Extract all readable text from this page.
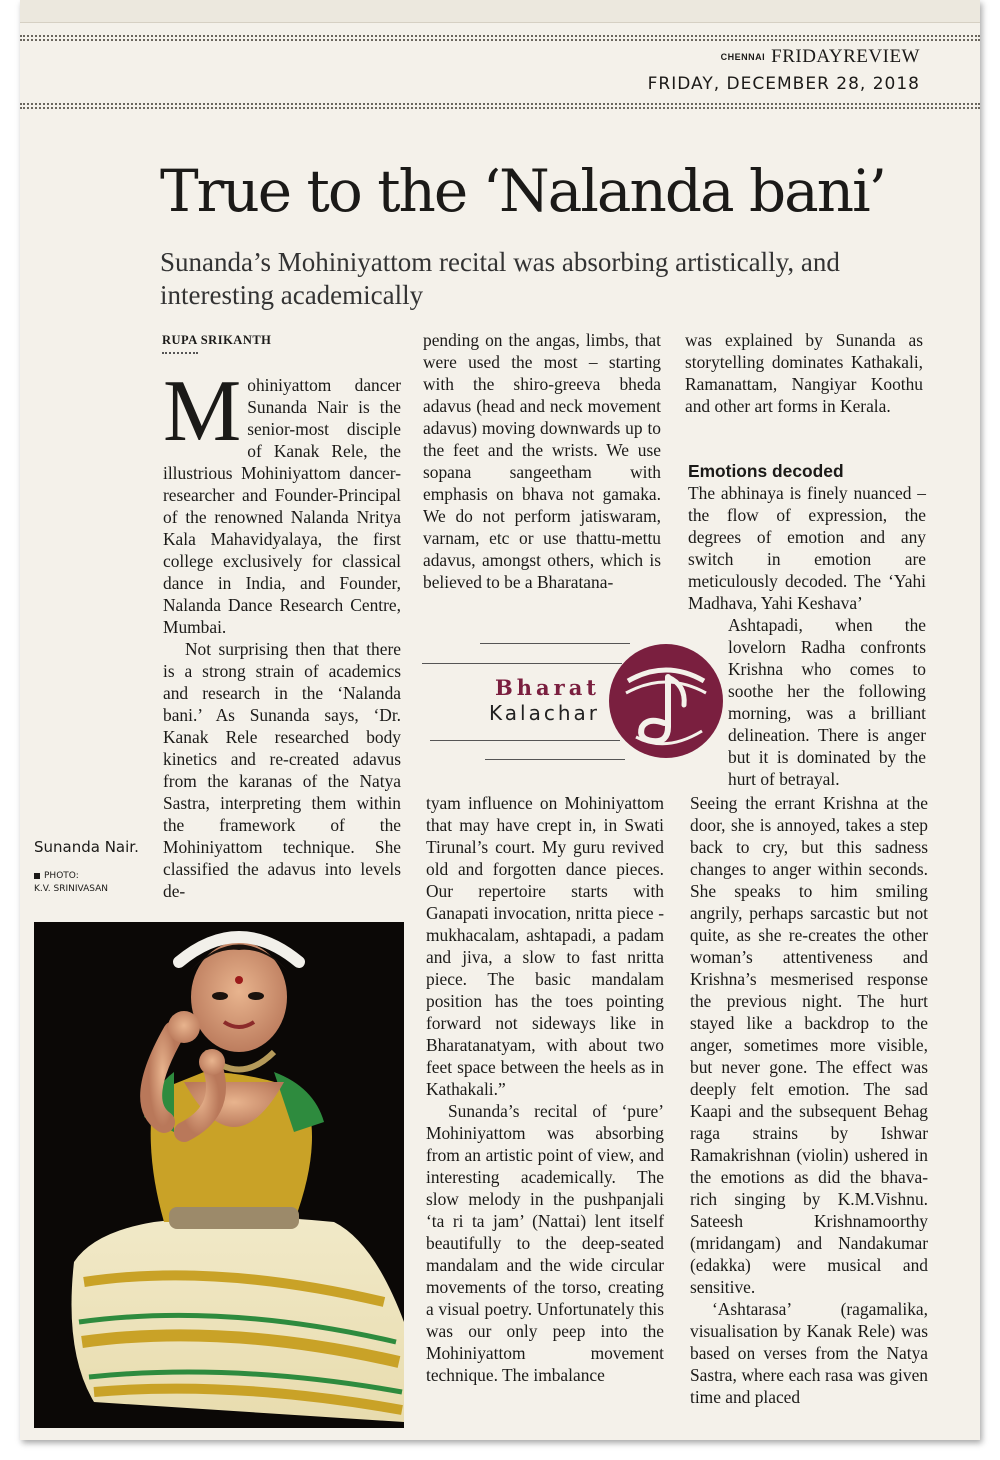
CHENNAI FRIDAYREVIEW
FRIDAY, DECEMBER 28, 2018
True to the ‘Nalanda bani’
Sunanda’s Mohiniyattom recital was absorbing artistically, and interesting academically
RUPA SRIKANTH

Mohiniyattom dancer Sunanda Nair is the senior-most disciple of Kanak Rele, the illustrious Mohiniyattom dancer-researcher and Founder-Principal of the renowned Nalanda Nritya Kala Mahavidyalaya, the first college exclusively for classical dance in India, and Founder, Nalanda Dance Research Centre, Mumbai.

Not surprising then that there is a strong strain of academics and research in the ‘Nalanda bani.’ As Sunanda says, ‘Dr. Kanak Rele researched body kinetics and re-created adavus from the karanas of the Natya Sastra, interpreting them within the framework of the Mohiniyattom technique. She classified the adavus into levels de-

pending on the angas, limbs, that were used the most – starting with the shiro-greeva bheda adavus (head and neck movement adavus) moving downwards up to the feet and the wrists. We use sopana sangeetham with emphasis on bhava not gamaka. We do not perform jatiswaram, varnam, etc or use thattu-mettu adavus, amongst others, which is believed to be a Bharatana-

Bharat
Kalachar

tyam influence on Mohiniyattom that may have crept in, in Swati Tirunal’s court. My guru revived old and forgotten dance pieces. Our repertoire starts with Ganapati invocation, nritta piece - mukhacalam, ashtapadi, a padam and jiva, a slow to fast nritta piece. The basic mandalam position has the toes pointing forward not sideways like in Bharatanatyam, with about two feet space between the heels as in Kathakali.”

Sunanda’s recital of ‘pure’ Mohiniyattom was absorbing from an artistic point of view, and interesting academically. The slow melody in the pushpanjali ‘ta ri ta jam’ (Nattai) lent itself beautifully to the deep-seated mandalam and the wide circular movements of the torso, creating a visual poetry. Unfortunately this was our only peep into the Mohiniyattom movement technique. The imbalance

was explained by Sunanda as storytelling dominates Kathakali, Ramanattam, Nangiyar Koothu and other art forms in Kerala.

Emotions decoded

The abhinaya is finely nuanced – the flow of expression, the degrees of emotion and any switch in emotion are meticulously decoded. The ‘Yahi Madhava, Yahi Keshava’

Ashtapadi, when the lovelorn Radha confronts Krishna who comes to soothe her the following morning, was a brilliant delineation. There is anger but it is dominated by the hurt of betrayal.

Seeing the errant Krishna at the door, she is annoyed, takes a step back to cry, but this sadness changes to anger within seconds. She speaks to him smiling angrily, perhaps sarcastic but not quite, as she re-creates the other woman’s attentiveness and Krishna’s mesmerised response the previous night. The hurt stayed like a backdrop to the anger, sometimes more visible, but never gone. The effect was deeply felt emotion. The sad Kaapi and the subsequent Behag raga strains by Ishwar Ramakrishnan (violin) ushered in the emotions as did the bhava-rich singing by K.M.Vishnu. Sateesh Krishnamoorthy (mridangam) and Nandakumar (edakka) were musical and sensitive.

‘Ashtarasa’ (ragamalika, visualisation by Kanak Rele) was based on verses from the Natya Sastra, where each rasa was given time and placed

Sunanda Nair.
PHOTO:
K.V. SRINIVASAN
